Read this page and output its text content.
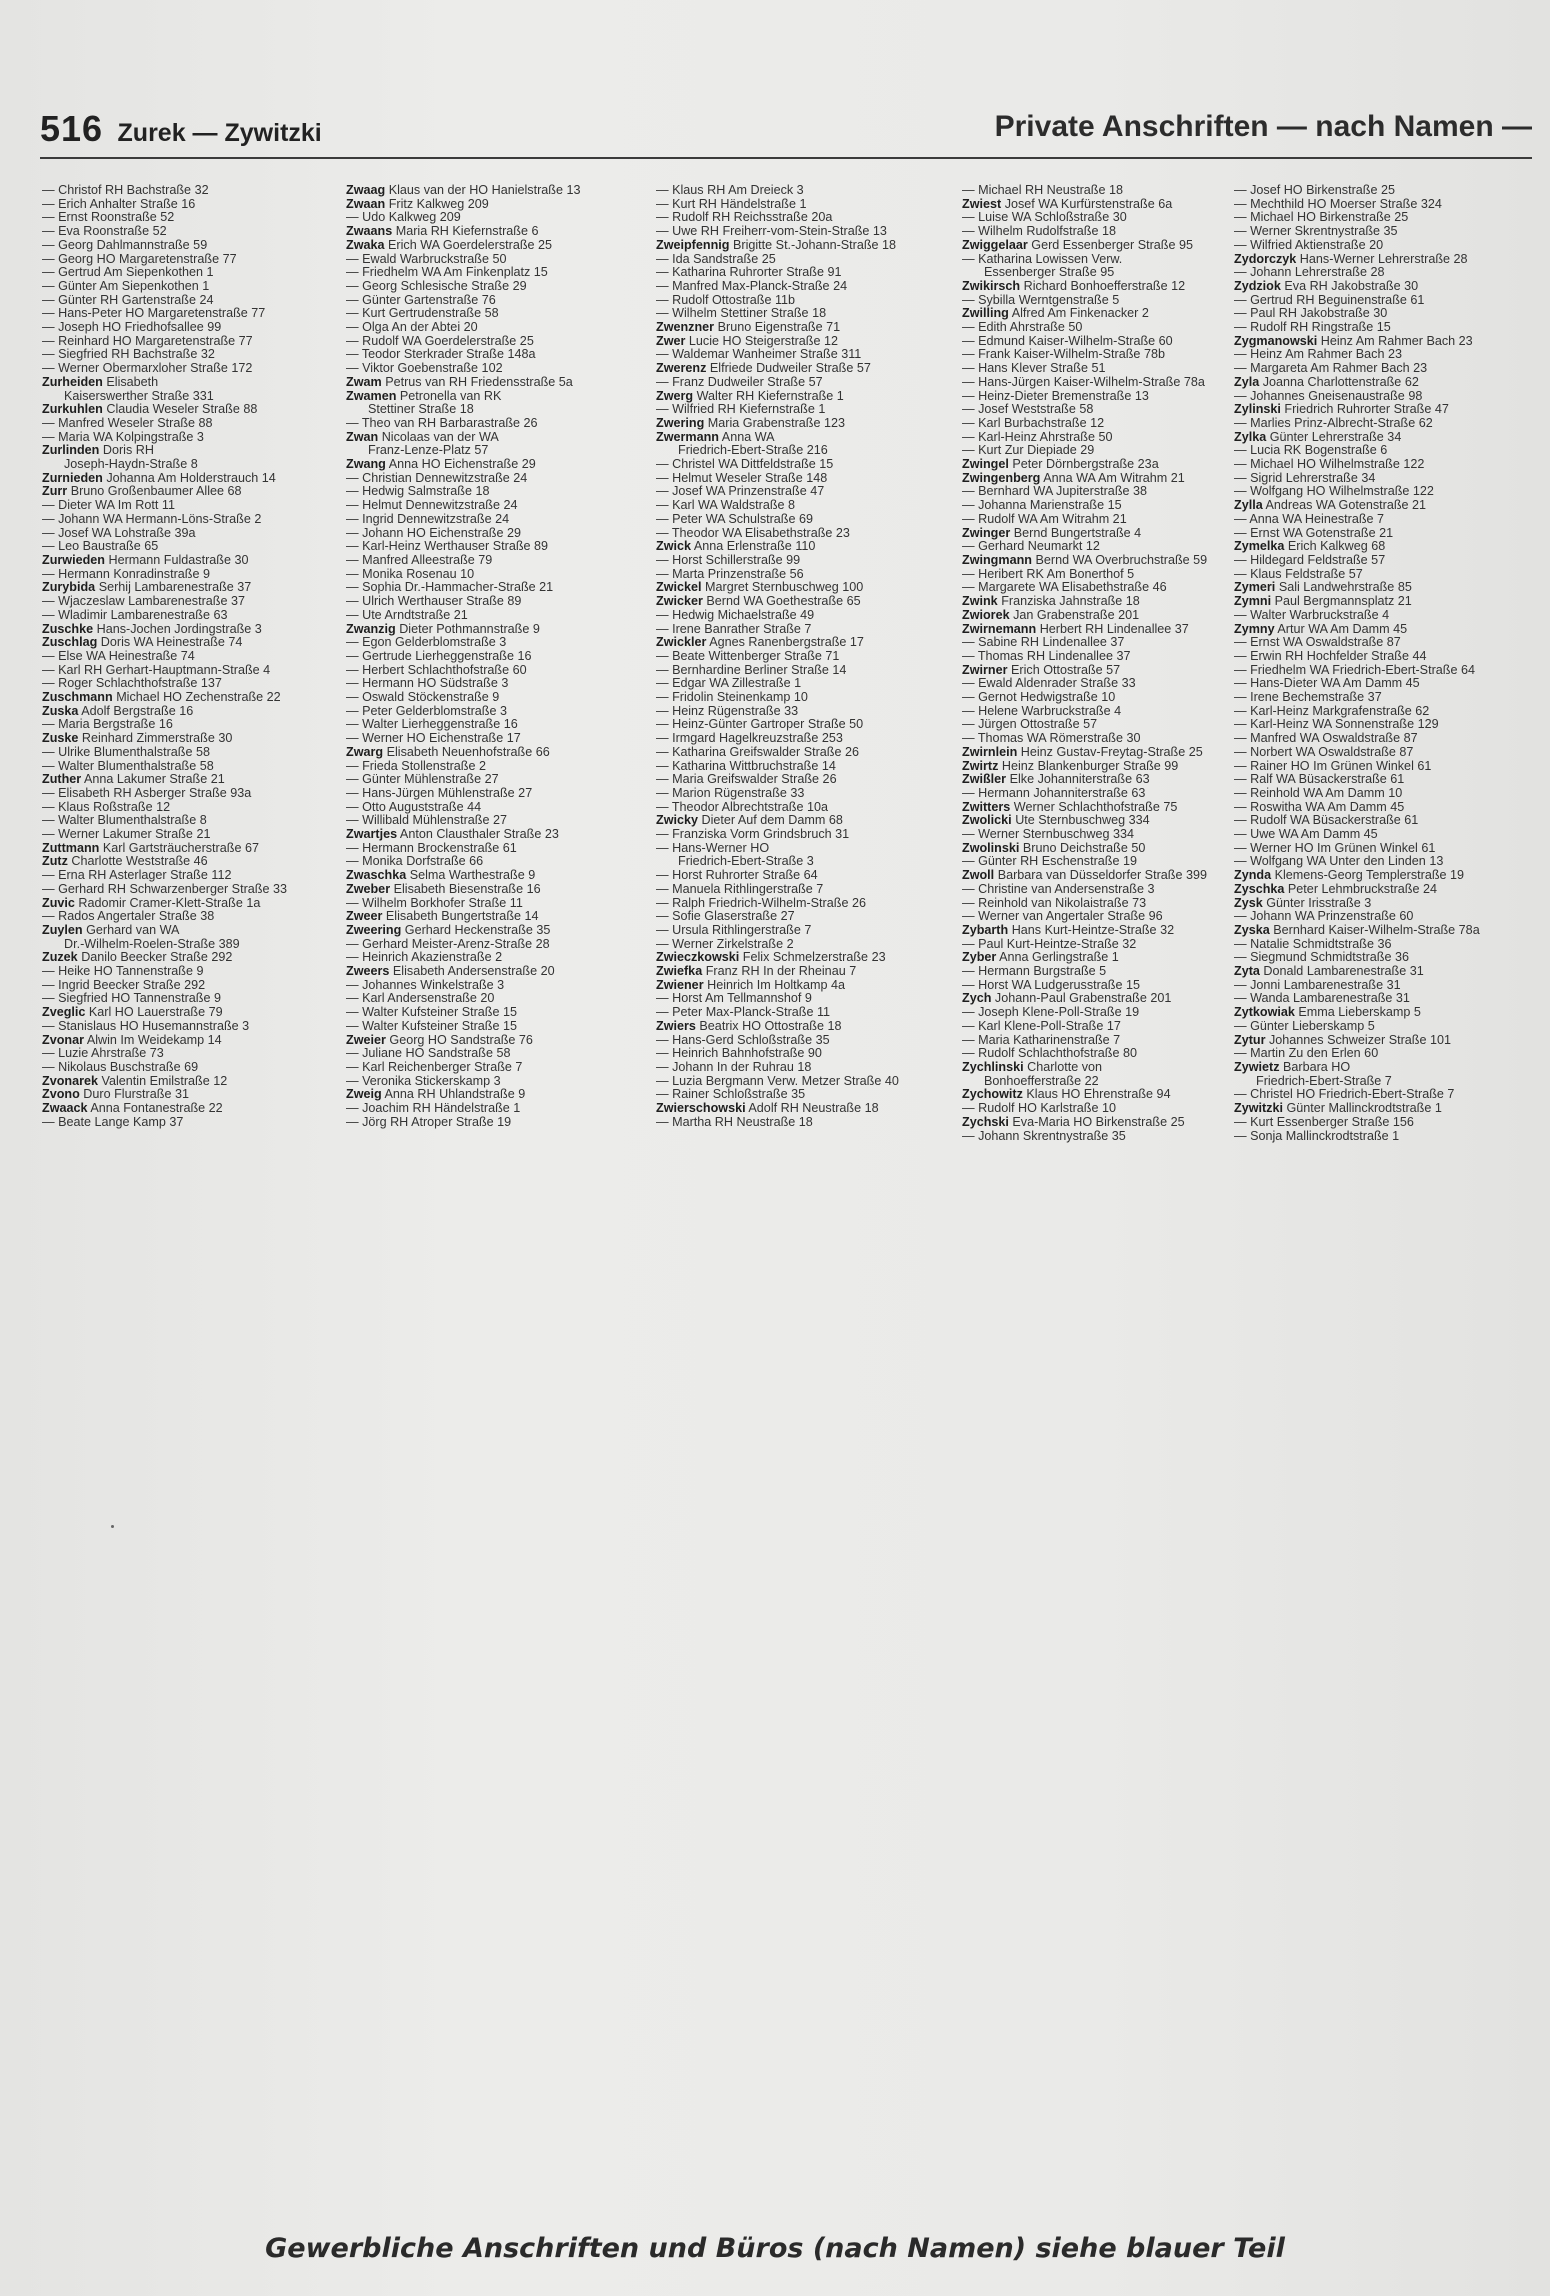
516 Zurek — Zywitzki	Private Anschriften — nach Namen —
— Christof RH Bachstraße 32
— Erich Anhalter Straße 16
— Ernst Roonstraße 52
— Eva Roonstraße 52
— Georg Dahlmannstraße 59
— Georg HO Margaretenstraße 77
— Gertrud Am Siepenkothen 1
— Günter Am Siepenkothen 1
— Günter RH Gartenstraße 24
— Hans-Peter HO Margaretenstraße 77
— Joseph HO Friedhofsallee 99
— Reinhard HO Margaretenstraße 77
— Siegfried RH Bachstraße 32
— Werner Obermarxloher Straße 172
Zurheiden Elisabeth
Kaiserswerther Straße 331
Zurkuhlen Claudia Weseler Straße 88
— Manfred Weseler Straße 88
— Maria WA Kolpingstraße 3
Zurlinden Doris RH
Joseph-Haydn-Straße 8
Zurnieden Johanna Am Holderstrauch 14
Zurr Bruno Großenbaumer Allee 68
— Dieter WA Im Rott 11
— Johann WA Hermann-Löns-Straße 2
— Josef WA Lohstraße 39a
— Leo Baustraße 65
Zurwieden Hermann Fuldastraße 30
— Hermann Konradinstraße 9
Zurybida Serhij Lambarenestraße 37
— Wjaczeslaw Lambarenestraße 37
— Wladimir Lambarenestraße 63
Zuschke Hans-Jochen Jordingstraße 3
Zuschlag Doris WA Heinestraße 74
— Else WA Heinestraße 74
— Karl RH Gerhart-Hauptmann-Straße 4
— Roger Schlachthofstraße 137
Zuschmann Michael HO Zechenstraße 22
Zuska Adolf Bergstraße 16
— Maria Bergstraße 16
Zuske Reinhard Zimmerstraße 30
— Ulrike Blumenthalstraße 58
— Walter Blumenthalstraße 58
Zuther Anna Lakumer Straße 21
— Elisabeth RH Asberger Straße 93a
— Klaus Roßstraße 12
— Walter Blumenthalstraße 8
— Werner Lakumer Straße 21
Zuttmann Karl Gartsträucherstraße 67
Zutz Charlotte Weststraße 46
— Erna RH Asterlager Straße 112
— Gerhard RH Schwarzenberger Straße 33
Zuvic Radomir Cramer-Klett-Straße 1a
— Rados Angertaler Straße 38
Zuylen Gerhard van WA
Dr.-Wilhelm-Roelen-Straße 389
Zuzek Danilo Beecker Straße 292
— Heike HO Tannenstraße 9
— Ingrid Beecker Straße 292
— Siegfried HO Tannenstraße 9
Zveglic Karl HO Lauerstraße 79
— Stanislaus HO Husemannstraße 3
Zvonar Alwin Im Weidekamp 14
— Luzie Ahrstraße 73
— Nikolaus Buschstraße 69
Zvonarek Valentin Emilstraße 12
Zvono Duro Flurstraße 31
Zwaack Anna Fontanestraße 22
— Beate Lange Kamp 37
Zwaag Klaus van der HO Hanielstraße 13
Zwaan Fritz Kalkweg 209
— Udo Kalkweg 209
Zwaans Maria RH Kiefernstraße 6
Zwaka Erich WA Goerdelerstraße 25
— Ewald Warbruckstraße 50
— Friedhelm WA Am Finkenplatz 15
— Georg Schlesische Straße 29
— Günter Gartenstraße 76
— Kurt Gertrudenstraße 58
— Olga An der Abtei 20
— Rudolf WA Goerdelerstraße 25
— Teodor Sterkrader Straße 148a
— Viktor Goebenstraße 102
Zwam Petrus van RH Friedensstraße 5a
Zwamen Petronella van RK
Stettiner Straße 18
— Theo van RH Barbarastraße 26
Zwan Nicolaas van der WA
Franz-Lenze-Platz 57
Zwang Anna HO Eichenstraße 29
— Christian Dennewitzstraße 24
— Hedwig Salmstraße 18
— Helmut Dennewitzstraße 24
— Ingrid Dennewitzstraße 24
— Johann HO Eichenstraße 29
— Karl-Heinz Werthauser Straße 89
— Manfred Alleestraße 79
— Monika Rosenau 10
— Sophia Dr.-Hammacher-Straße 21
— Ulrich Werthauser Straße 89
— Ute Arndtstraße 21
Zwanzig Dieter Pothmannstraße 9
— Egon Gelderblomstraße 3
— Gertrude Lierheggenstraße 16
— Herbert Schlachthofstraße 60
— Hermann HO Südstraße 3
— Oswald Stöckenstraße 9
— Peter Gelderblomstraße 3
— Walter Lierheggenstraße 16
— Werner HO Eichenstraße 17
Zwarg Elisabeth Neuenhofstraße 66
— Frieda Stollenstraße 2
— Günter Mühlenstraße 27
— Hans-Jürgen Mühlenstraße 27
— Otto Auguststraße 44
— Willibald Mühlenstraße 27
Zwartjes Anton Clausthaler Straße 23
— Hermann Brockenstraße 61
— Monika Dorfstraße 66
Zwaschka Selma Warthestraße 9
Zweber Elisabeth Biesenstraße 16
— Wilhelm Borkhofer Straße 11
Zweer Elisabeth Bungertstraße 14
Zweering Gerhard Heckenstraße 35
— Gerhard Meister-Arenz-Straße 28
— Heinrich Akazienstraße 2
Zweers Elisabeth Andersenstraße 20
— Johannes Winkelstraße 3
— Karl Andersenstraße 20
— Walter Kufsteiner Straße 15
— Walter Kufsteiner Straße 15
Zweier Georg HO Sandstraße 76
— Juliane HO Sandstraße 58
— Karl Reichenberger Straße 7
— Veronika Stickerskamp 3
Zweig Anna RH Uhlandstraße 9
— Joachim RH Händelstraße 1
— Jörg RH Atroper Straße 19
— Klaus RH Am Dreieck 3
— Kurt RH Händelstraße 1
— Rudolf RH Reichsstraße 20a
— Uwe RH Freiherr-vom-Stein-Straße 13
Zweipfennig Brigitte St.-Johann-Straße 18
— Ida Sandstraße 25
— Katharina Ruhrorter Straße 91
— Manfred Max-Planck-Straße 24
— Rudolf Ottostraße 11b
— Wilhelm Stettiner Straße 18
Zwenzner Bruno Eigenstraße 71
Zwer Lucie HO Steigerstraße 12
— Waldemar Wanheimer Straße 311
Zwerenz Elfriede Dudweiler Straße 57
— Franz Dudweiler Straße 57
Zwerg Walter RH Kiefernstraße 1
— Wilfried RH Kiefernstraße 1
Zwering Maria Grabenstraße 123
Zwermann Anna WA
Friedrich-Ebert-Straße 216
— Christel WA Dittfeldstraße 15
— Helmut Weseler Straße 148
— Josef WA Prinzenstraße 47
— Karl WA Waldstraße 8
— Peter WA Schulstraße 69
— Theodor WA Elisabethstraße 23
Zwick Anna Erlenstraße 110
— Horst Schillerstraße 99
— Marta Prinzenstraße 56
Zwickel Margret Sternbuschweg 100
Zwicker Bernd WA Goethestraße 65
— Hedwig Michaelstraße 49
— Irene Banrather Straße 7
Zwickler Agnes Ranenbergstraße 17
— Beate Wittenberger Straße 71
— Bernhardine Berliner Straße 14
— Edgar WA Zillestraße 1
— Fridolin Steinenkamp 10
— Heinz Rügenstraße 33
— Heinz-Günter Gartroper Straße 50
— Irmgard Hagelkreuzstraße 253
— Katharina Greifswalder Straße 26
— Katharina Wittbruchstraße 14
— Maria Greifswalder Straße 26
— Marion Rügenstraße 33
— Theodor Albrechtstraße 10a
Zwicky Dieter Auf dem Damm 68
— Franziska Vorm Grindsbruch 31
— Hans-Werner HO
Friedrich-Ebert-Straße 3
— Horst Ruhrorter Straße 64
— Manuela Rithlingerstraße 7
— Ralph Friedrich-Wilhelm-Straße 26
— Sofie Glaserstraße 27
— Ursula Rithlingerstraße 7
— Werner Zirkelstraße 2
Zwieczkowski Felix Schmelzerstraße 23
Zwiefka Franz RH In der Rheinau 7
Zwiener Heinrich Im Holtkamp 4a
— Horst Am Tellmannshof 9
— Peter Max-Planck-Straße 11
Zwiers Beatrix HO Ottostraße 18
— Hans-Gerd Schloßstraße 35
— Heinrich Bahnhofstraße 90
— Johann In der Ruhrau 18
— Luzia Bergmann Verw. Metzer Straße 40
— Rainer Schloßstraße 35
Zwierschowski Adolf RH Neustraße 18
— Martha RH Neustraße 18
— Michael RH Neustraße 18
Zwiest Josef WA Kurfürstenstraße 6a
— Luise WA Schloßstraße 30
— Wilhelm Rudolfstraße 18
Zwiggelaar Gerd Essenberger Straße 95
— Katharina Lowissen Verw.
Essenberger Straße 95
Zwikirsch Richard Bonhoefferstraße 12
— Sybilla Werntgenstraße 5
Zwilling Alfred Am Finkenacker 2
— Edith Ahrstraße 50
— Edmund Kaiser-Wilhelm-Straße 60
— Frank Kaiser-Wilhelm-Straße 78b
— Hans Klever Straße 51
— Hans-Jürgen Kaiser-Wilhelm-Straße 78a
— Heinz-Dieter Bremenstraße 13
— Josef Weststraße 58
— Karl Burbachstraße 12
— Karl-Heinz Ahrstraße 50
— Kurt Zur Diepiade 29
Zwingel Peter Dörnbergstraße 23a
Zwingenberg Anna WA Am Witrahm 21
— Bernhard WA Jupiterstraße 38
— Johanna Marienstraße 15
— Rudolf WA Am Witrahm 21
Zwinger Bernd Bungertstraße 4
— Gerhard Neumarkt 12
Zwingmann Bernd WA Overbruchstraße 59
— Heribert RK Am Bonerthof 5
— Margarete WA Elisabethstraße 46
Zwink Franziska Jahnstraße 18
Zwiorek Jan Grabenstraße 201
Zwirnemann Herbert RH Lindenallee 37
— Sabine RH Lindenallee 37
— Thomas RH Lindenallee 37
Zwirner Erich Ottostraße 57
— Ewald Aldenrader Straße 33
— Gernot Hedwigstraße 10
— Helene Warbruckstraße 4
— Jürgen Ottostraße 57
— Thomas WA Römerstraße 30
Zwirnlein Heinz Gustav-Freytag-Straße 25
Zwirtz Heinz Blankenburger Straße 99
Zwißler Elke Johanniterstraße 63
— Hermann Johanniterstraße 63
Zwitters Werner Schlachthofstraße 75
Zwolicki Ute Sternbuschweg 334
— Werner Sternbuschweg 334
Zwolinski Bruno Deichstraße 50
— Günter RH Eschenstraße 19
Zwoll Barbara van Düsseldorfer Straße 399
— Christine van Andersenstraße 3
— Reinhold van Nikolaistraße 73
— Werner van Angertaler Straße 96
Zybarth Hans Kurt-Heintze-Straße 32
— Paul Kurt-Heintze-Straße 32
Zyber Anna Gerlingstraße 1
— Hermann Burgstraße 5
— Horst WA Ludgerusstraße 15
Zych Johann-Paul Grabenstraße 201
— Joseph Klene-Poll-Straße 19
— Karl Klene-Poll-Straße 17
— Maria Katharinenstraße 7
— Rudolf Schlachthofstraße 80
Zychlinski Charlotte von
Bonhoefferstraße 22
Zychowitz Klaus HO Ehrenstraße 94
— Rudolf HO Karlstraße 10
Zychski Eva-Maria HO Birkenstraße 25
— Johann Skrentnystraße 35
— Josef HO Birkenstraße 25
— Mechthild HO Moerser Straße 324
— Michael HO Birkenstraße 25
— Werner Skrentnystraße 35
— Wilfried Aktienstraße 20
Zydorczyk Hans-Werner Lehrerstraße 28
— Johann Lehrerstraße 28
Zydziok Eva RH Jakobstraße 30
— Gertrud RH Beguinenstraße 61
— Paul RH Jakobstraße 30
— Rudolf RH Ringstraße 15
Zygmanowski Heinz Am Rahmer Bach 23
— Heinz Am Rahmer Bach 23
— Margareta Am Rahmer Bach 23
Zyla Joanna Charlottenstraße 62
— Johannes Gneisenaustraße 98
Zylinski Friedrich Ruhrorter Straße 47
— Marlies Prinz-Albrecht-Straße 62
Zylka Günter Lehrerstraße 34
— Lucia RK Bogenstraße 6
— Michael HO Wilhelmstraße 122
— Sigrid Lehrerstraße 34
— Wolfgang HO Wilhelmstraße 122
Zylla Andreas WA Gotenstraße 21
— Anna WA Heinestraße 7
— Ernst WA Gotenstraße 21
Zymelka Erich Kalkweg 68
— Hildegard Feldstraße 57
— Klaus Feldstraße 57
Zymeri Sali Landwehrstraße 85
Zymni Paul Bergmannsplatz 21
— Walter Warbruckstraße 4
Zymny Artur WA Am Damm 45
— Ernst WA Oswaldstraße 87
— Erwin RH Hochfelder Straße 44
— Friedhelm WA Friedrich-Ebert-Straße 64
— Hans-Dieter WA Am Damm 45
— Irene Bechemstraße 37
— Karl-Heinz Markgrafenstraße 62
— Karl-Heinz WA Sonnenstraße 129
— Manfred WA Oswaldstraße 87
— Norbert WA Oswaldstraße 87
— Rainer HO Im Grünen Winkel 61
— Ralf WA Büsackerstraße 61
— Reinhold WA Am Damm 10
— Roswitha WA Am Damm 45
— Rudolf WA Büsackerstraße 61
— Uwe WA Am Damm 45
— Werner HO Im Grünen Winkel 61
— Wolfgang WA Unter den Linden 13
Zynda Klemens-Georg Templerstraße 19
Zyschka Peter Lehmbruckstraße 24
Zysk Günter Irisstraße 3
— Johann WA Prinzenstraße 60
Zyska Bernhard Kaiser-Wilhelm-Straße 78a
— Natalie Schmidtstraße 36
— Siegmund Schmidtstraße 36
Zyta Donald Lambarenestraße 31
— Jonni Lambarenestraße 31
— Wanda Lambarenestraße 31
Zytkowiak Emma Lieberskamp 5
— Günter Lieberskamp 5
Zytur Johannes Schweizer Straße 101
— Martin Zu den Erlen 60
Zywietz Barbara HO
Friedrich-Ebert-Straße 7
— Christel HO Friedrich-Ebert-Straße 7
Zywitzki Günter Mallinckrodtstraße 1
— Kurt Essenberger Straße 156
— Sonja Mallinckrodtstraße 1
Gewerbliche Anschriften und Büros (nach Namen) siehe blauer Teil
